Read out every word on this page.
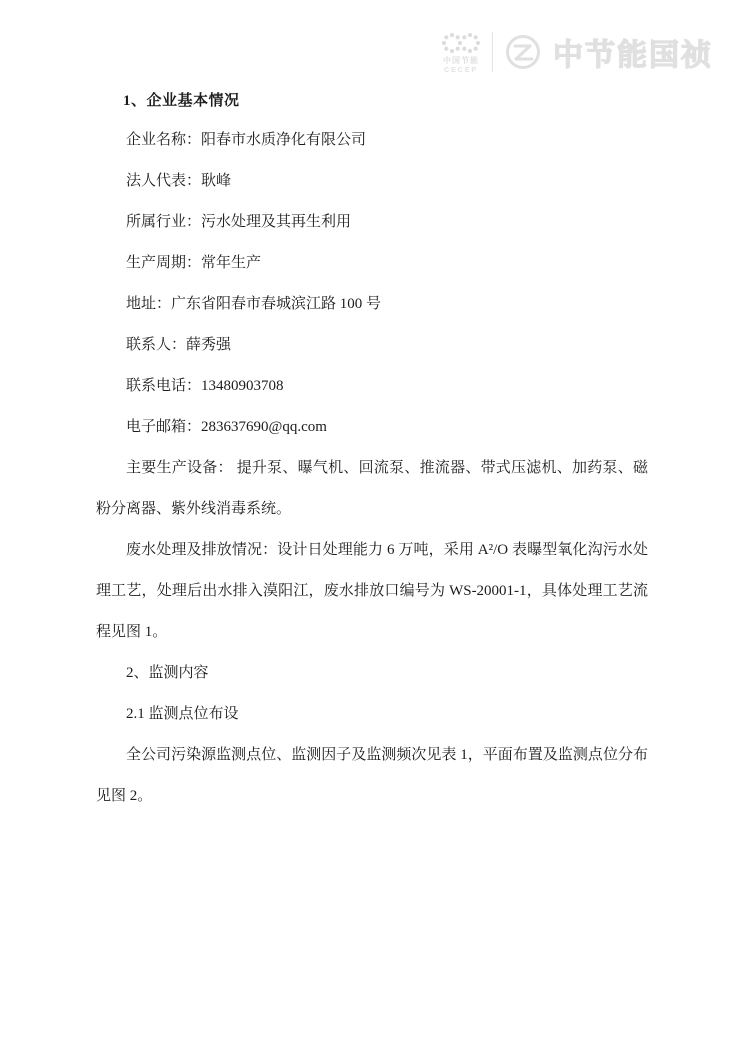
中国节能
CECEP 中节能国祯
1、企业基本情况

企业名称：阳春市水质净化有限公司

法人代表：耿峰

所属行业：污水处理及其再生利用

生产周期：常年生产

地址：广东省阳春市春城滨江路 100 号

联系人：薛秀强

联系电话：13480903708

电子邮箱：283637690@qq.com

主要生产设备： 提升泵、曝气机、回流泵、推流器、带式压滤机、加药泵、磁粉分离器、紫外线消毒系统。

废水处理及排放情况：设计日处理能力 6 万吨，采用 A²/O 表曝型氧化沟污水处理工艺，处理后出水排入漠阳江，废水排放口编号为 WS-20001-1，具体处理工艺流程见图 1。

2、监测内容

2.1 监测点位布设

全公司污染源监测点位、监测因子及监测频次见表 1，平面布置及监测点位分布见图 2。
